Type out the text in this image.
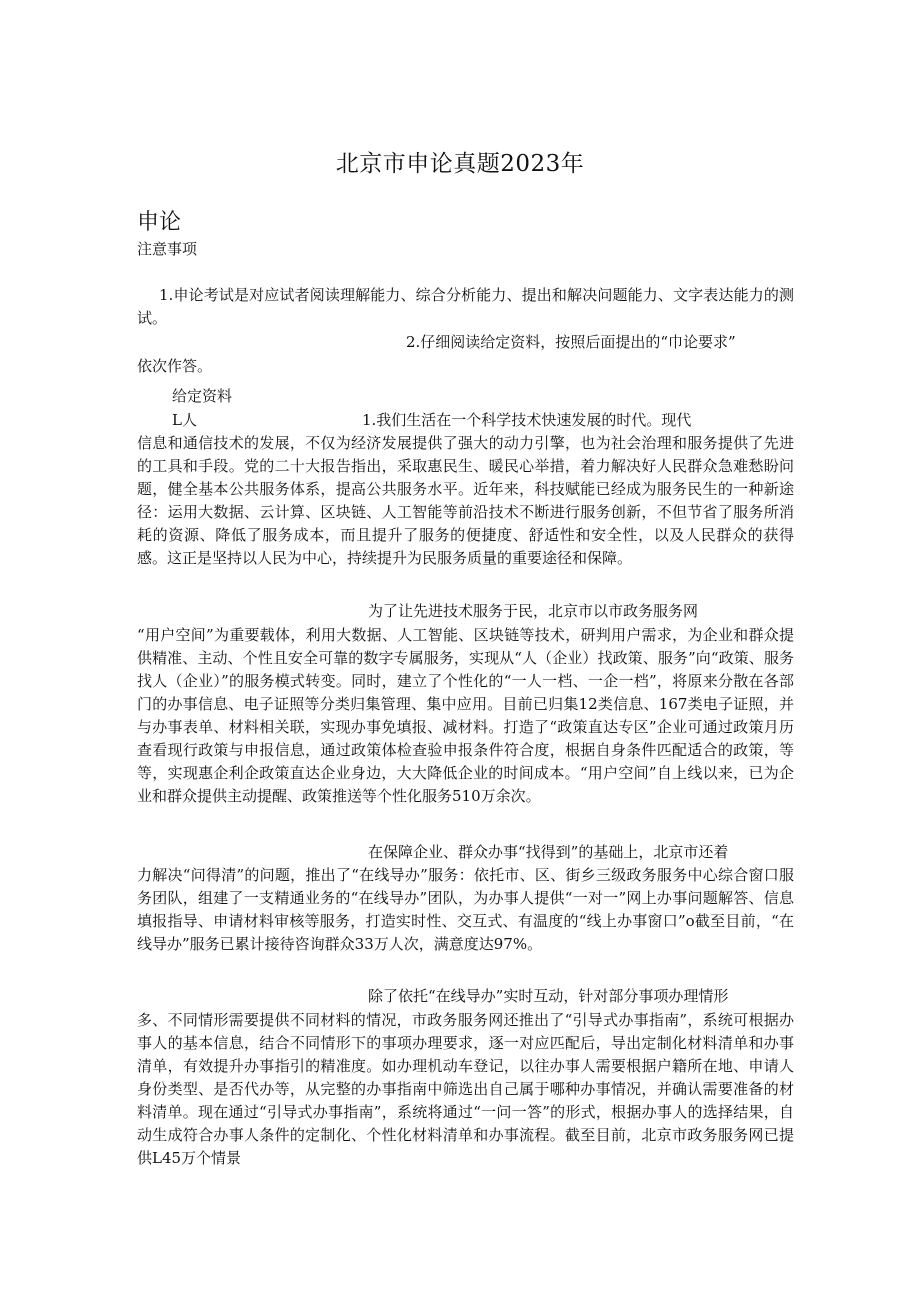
北京市申论真题2023年
申论
注意事项

1.申论考试是对应试者阅读理解能力、综合分析能力、提出和解决问题能力、文字表达能力的测试。

2.仔细阅读给定资料，按照后面提出的“巾论要求”
依次作答。
给定资料
L人	1.我们生活在一个科学技术快速发展的时代。现代

信息和通信技术的发展，不仅为经济发展提供了强大的动力引擎，也为社会治理和服务提供了先进的工具和手段。党的二十大报告指出，采取惠民生、暖民心举措，着力解决好人民群众急难愁盼问题，健全基本公共服务体系，提高公共服务水平。近年来，科技赋能已经成为服务民生的一种新途径：运用大数据、云计算、区块链、人工智能等前沿技术不断进行服务创新，不但节省了服务所消耗的资源、降低了服务成本，而且提升了服务的便捷度、舒适性和安全性，以及人民群众的获得感。这正是坚持以人民为中心，持续提升为民服务质量的重要途径和保障。

为了让先进技术服务于民，北京市以市政务服务网

“用户空间”为重要载体，利用大数据、人工智能、区块链等技术，研判用户需求，为企业和群众提供精准、主动、个性且安全可靠的数字专属服务，实现从“人（企业）找政策、服务”向“政策、服务找人（企业）”的服务模式转变。同时，建立了个性化的“一人一档、一企一档”，将原来分散在各部门的办事信息、电子证照等分类归集管理、集中应用。目前已归集12类信息、167类电子证照，并与办事表单、材料相关联，实现办事免填报、减材料。打造了“政策直达专区”企业可通过政策月历查看现行政策与申报信息，通过政策体检查验申报条件符合度，根据自身条件匹配适合的政策，等等，实现惠企利企政策直达企业身边，大大降低企业的时间成本。“用户空间”自上线以来，已为企业和群众提供主动提醒、政策推送等个性化服务510万余次。

在保障企业、群众办事“找得到”的基础上，北京市还着

力解决“问得清”的问题，推出了“在线导办”服务：依托市、区、街乡三级政务服务中心综合窗口服务团队，组建了一支精通业务的“在线导办”团队，为办事人提供“一对一”网上办事问题解答、信息填报指导、申请材料审核等服务，打造实时性、交互式、有温度的“线上办事窗口”o截至目前，“在线导办”服务已累计接待咨询群众33万人次，满意度达97%。

除了依托“在线导办”实时互动，针对部分事项办理情形

多、不同情形需要提供不同材料的情况，市政务服务网还推出了“引导式办事指南”，系统可根据办事人的基本信息，结合不同情形下的事项办理要求，逐一对应匹配后，导出定制化材料清单和办事清单，有效提升办事指引的精准度。如办理机动车登记，以往办事人需要根据户籍所在地、申请人身份类型、是否代办等，从完整的办事指南中筛选出自己属于哪种办事情况，并确认需要准备的材料清单。现在通过“引导式办事指南”，系统将通过“一问一答”的形式，根据办事人的选择结果，自动生成符合办事人条件的定制化、个性化材料清单和办事流程。截至目前，北京市政务服务网已提供L45万个情景
